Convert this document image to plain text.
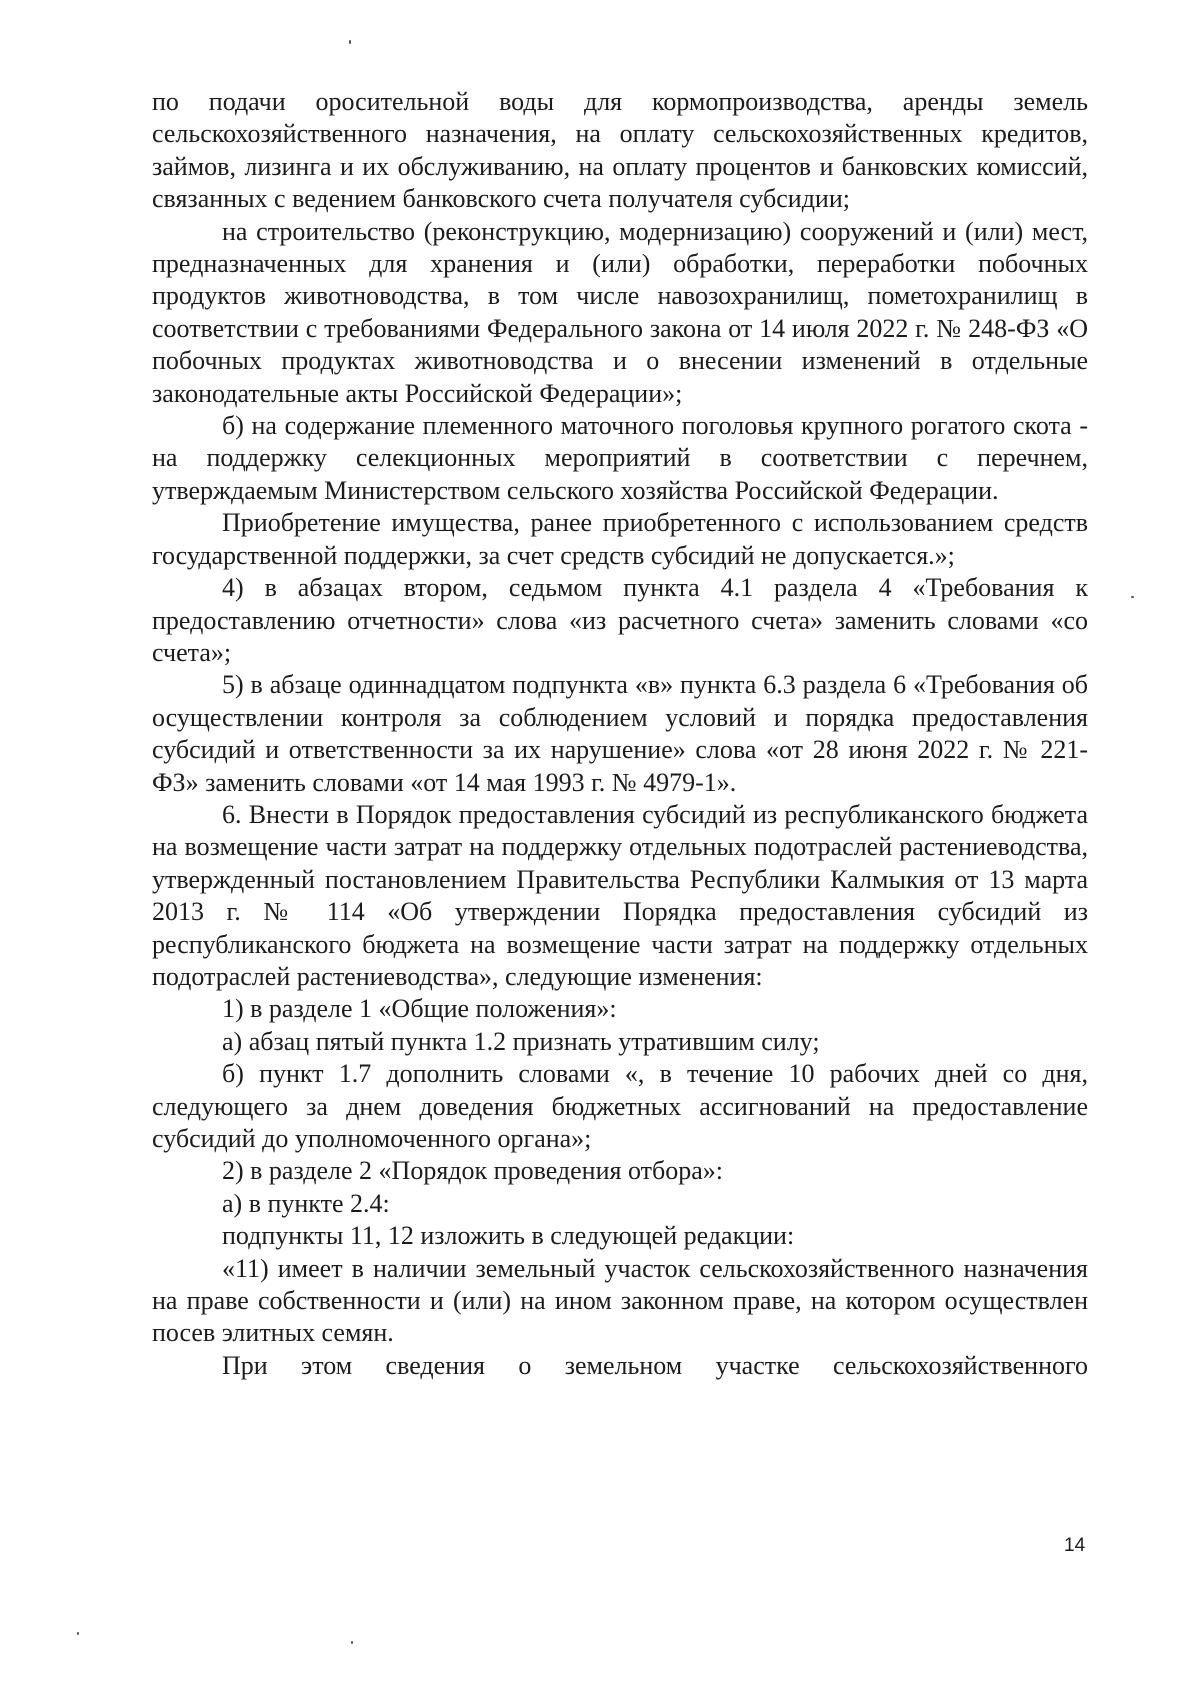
по подачи оросительной воды для кормопроизводства, аренды земель сельскохозяйственного назначения, на оплату сельскохозяйственных кредитов, займов, лизинга и их обслуживанию, на оплату процентов и банковских комиссий, связанных с ведением банковского счета получателя субсидии;

на строительство (реконструкцию, модернизацию) сооружений и (или) мест, предназначенных для хранения и (или) обработки, переработки побочных продуктов животноводства, в том числе навозохранилищ, пометохранилищ в соответствии с требованиями Федерального закона от 14 июля 2022 г. № 248-ФЗ «О побочных продуктах животноводства и о внесении изменений в отдельные законодательные акты Российской Федерации»;

б) на содержание племенного маточного поголовья крупного рогатого скота - на поддержку селекционных мероприятий в соответствии с перечнем, утверждаемым Министерством сельского хозяйства Российской Федерации.

Приобретение имущества, ранее приобретенного с использованием средств государственной поддержки, за счет средств субсидий не допускается.»;

4) в абзацах втором, седьмом пункта 4.1 раздела 4 «Требования к предоставлению отчетности» слова «из расчетного счета» заменить словами «со счета»;

5) в абзаце одиннадцатом подпункта «в» пункта 6.3 раздела 6 «Требования об осуществлении контроля за соблюдением условий и порядка предоставления субсидий и ответственности за их нарушение» слова «от 28 июня 2022 г. № 221-ФЗ» заменить словами «от 14 мая 1993 г. № 4979-1».

6. Внести в Порядок предоставления субсидий из республиканского бюджета на возмещение части затрат на поддержку отдельных подотраслей растениеводства, утвержденный постановлением Правительства Республики Калмыкия от 13 марта 2013 г. № 114 «Об утверждении Порядка предоставления субсидий из республиканского бюджета на возмещение части затрат на поддержку отдельных подотраслей растениеводства», следующие изменения:

1) в разделе 1 «Общие положения»:

а) абзац пятый пункта 1.2 признать утратившим силу;

б) пункт 1.7 дополнить словами «, в течение 10 рабочих дней со дня, следующего за днем доведения бюджетных ассигнований на предоставление субсидий до уполномоченного органа»;

2) в разделе 2 «Порядок проведения отбора»:

а) в пункте 2.4:

подпункты 11, 12 изложить в следующей редакции:

«11) имеет в наличии земельный участок сельскохозяйственного назначения на праве собственности и (или) на ином законном праве, на котором осуществлен посев элитных семян.

При этом сведения о земельном участке сельскохозяйственного

14
